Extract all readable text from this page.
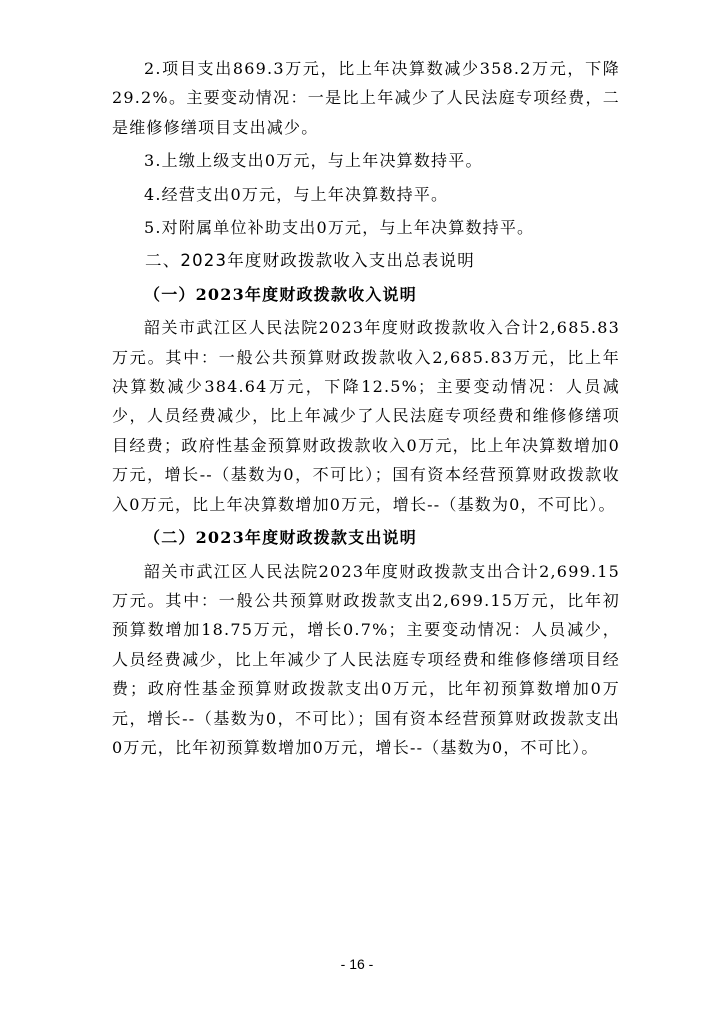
2.项目支出869.3万元，比上年决算数减少358.2万元，下降29.2%。主要变动情况：一是比上年减少了人民法庭专项经费，二是维修修缮项目支出减少。

3.上缴上级支出0万元，与上年决算数持平。

4.经营支出0万元，与上年决算数持平。

5.对附属单位补助支出0万元，与上年决算数持平。

二、2023年度财政拨款收入支出总表说明

（一）2023年度财政拨款收入说明

韶关市武江区人民法院2023年度财政拨款收入合计2,685.83万元。其中：一般公共预算财政拨款收入2,685.83万元，比上年决算数减少384.64万元，下降12.5%；主要变动情况：人员减少，人员经费减少，比上年减少了人民法庭专项经费和维修修缮项目经费；政府性基金预算财政拨款收入0万元，比上年决算数增加0万元，增长--（基数为0，不可比）；国有资本经营预算财政拨款收入0万元，比上年决算数增加0万元，增长--（基数为0，不可比）。

（二）2023年度财政拨款支出说明

韶关市武江区人民法院2023年度财政拨款支出合计2,699.15万元。其中：一般公共预算财政拨款支出2,699.15万元，比年初预算数增加18.75万元，增长0.7%；主要变动情况：人员减少，人员经费减少，比上年减少了人民法庭专项经费和维修修缮项目经费；政府性基金预算财政拨款支出0万元，比年初预算数增加0万元，增长--（基数为0，不可比）；国有资本经营预算财政拨款支出0万元，比年初预算数增加0万元，增长--（基数为0，不可比）。

- 16 -
